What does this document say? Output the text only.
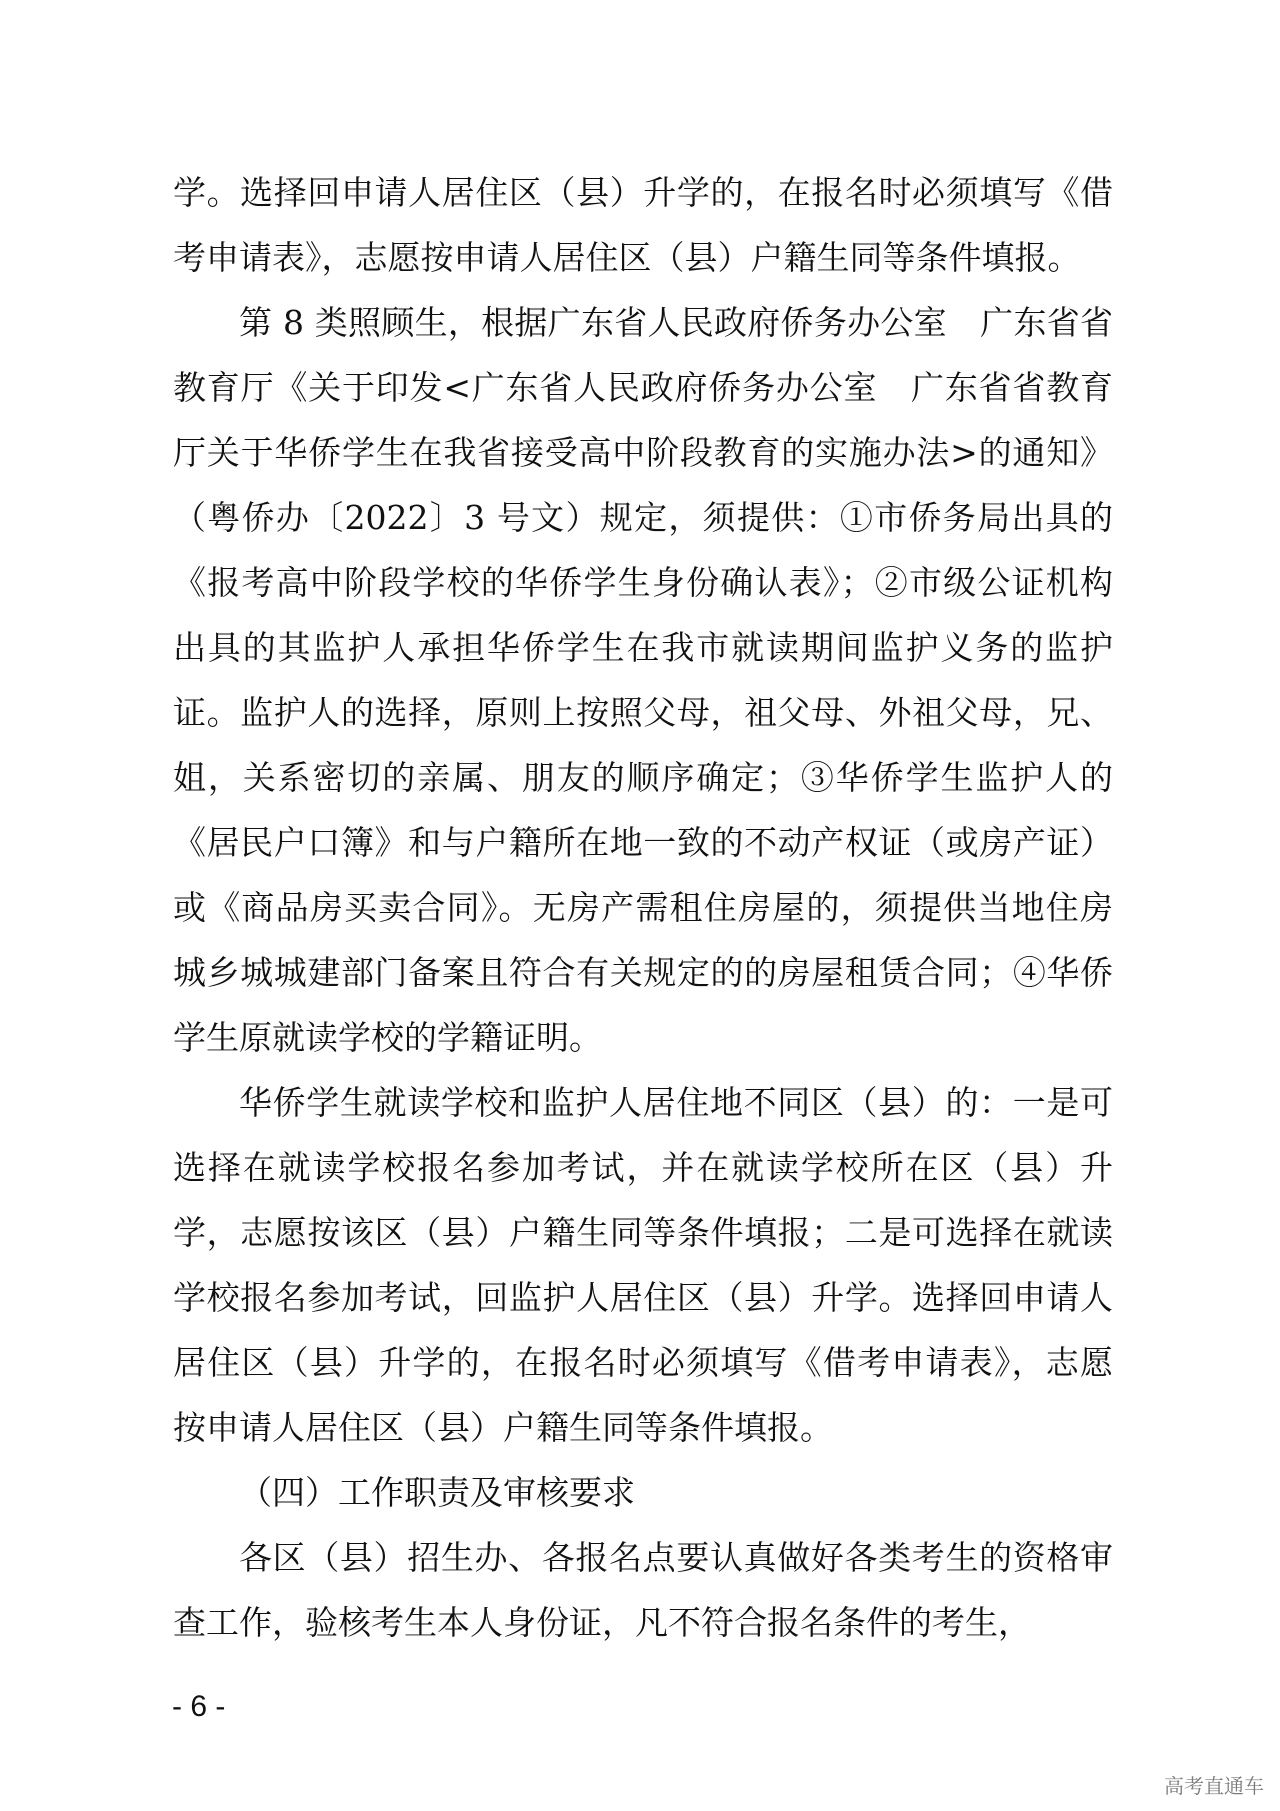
学。选择回申请人居住区（县）升学的，在报名时必须填写《借考申请表》，志愿按申请人居住区（县）户籍生同等条件填报。

第 8 类照顾生，根据广东省人民政府侨务办公室　广东省省教育厅《关于印发<广东省人民政府侨务办公室　广东省省教育厅关于华侨学生在我省接受高中阶段教育的实施办法>的通知》（粤侨办〔2022〕3 号文）规定，须提供：①市侨务局出具的《报考高中阶段学校的华侨学生身份确认表》；②市级公证机构出具的其监护人承担华侨学生在我市就读期间监护义务的监护证。监护人的选择，原则上按照父母，祖父母、外祖父母，兄、姐，关系密切的亲属、朋友的顺序确定；③华侨学生监护人的《居民户口簿》和与户籍所在地一致的不动产权证（或房产证）或《商品房买卖合同》。无房产需租住房屋的，须提供当地住房城乡城城建部门备案且符合有关规定的的房屋租赁合同；④华侨学生原就读学校的学籍证明。

华侨学生就读学校和监护人居住地不同区（县）的：一是可选择在就读学校报名参加考试，并在就读学校所在区（县）升学，志愿按该区（县）户籍生同等条件填报；二是可选择在就读学校报名参加考试，回监护人居住区（县）升学。选择回申请人居住区（县）升学的，在报名时必须填写《借考申请表》，志愿按申请人居住区（县）户籍生同等条件填报。

（四）工作职责及审核要求

各区（县）招生办、各报名点要认真做好各类考生的资格审查工作，验核考生本人身份证，凡不符合报名条件的考生，

- 6 -
高考直通车
